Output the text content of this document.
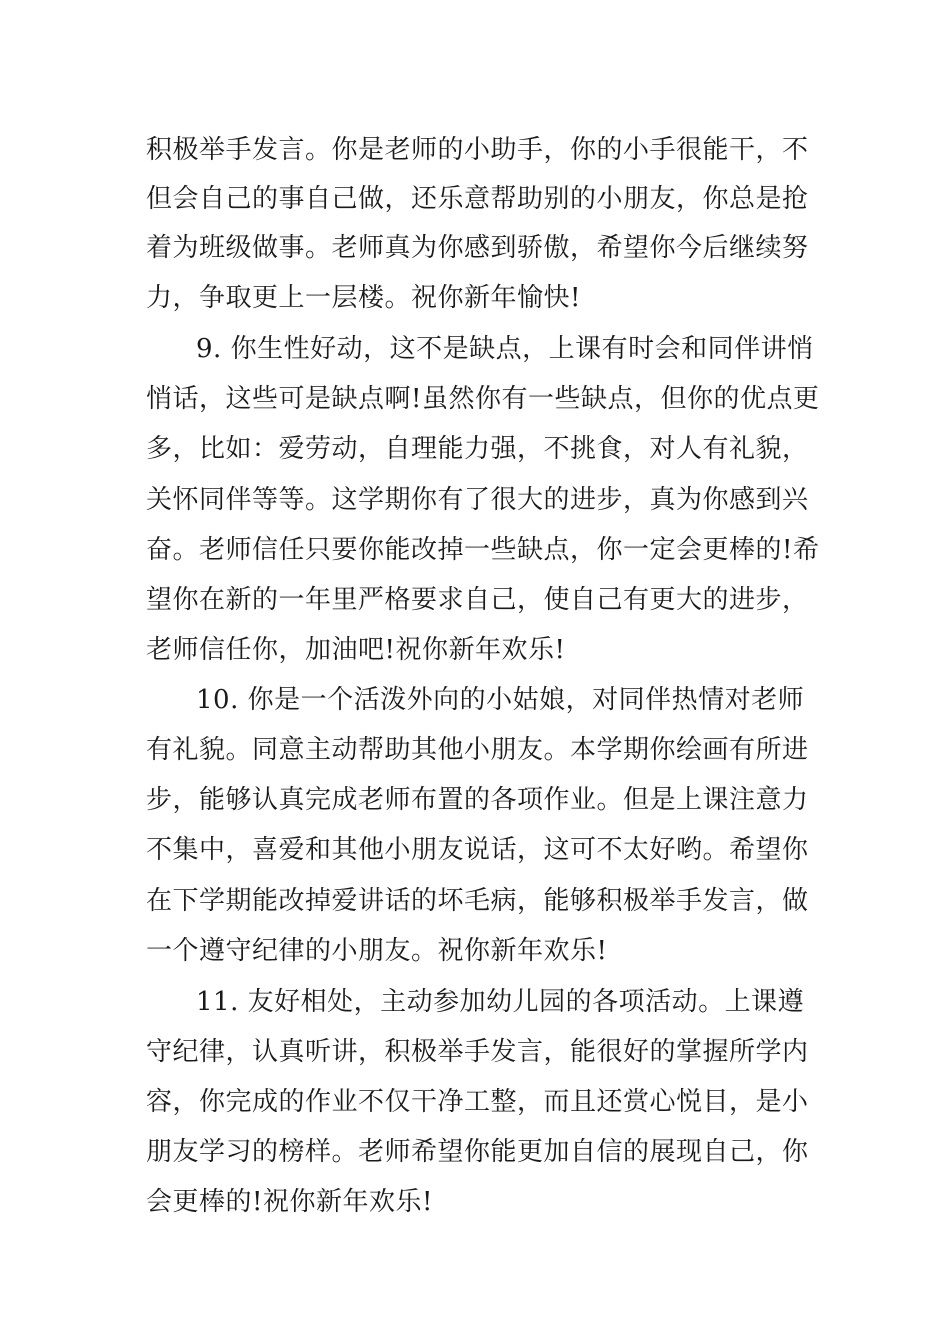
积极举手发言。你是老师的小助手，你的小手很能干，不
但会自己的事自己做，还乐意帮助别的小朋友，你总是抢
着为班级做事。老师真为你感到骄傲，希望你今后继续努
力，争取更上一层楼。祝你新年愉快!
9. 你生性好动，这不是缺点，上课有时会和同伴讲悄
悄话，这些可是缺点啊!虽然你有一些缺点，但你的优点更
多，比如：爱劳动，自理能力强，不挑食，对人有礼貌，
关怀同伴等等。这学期你有了很大的进步，真为你感到兴
奋。老师信任只要你能改掉一些缺点，你一定会更棒的!希
望你在新的一年里严格要求自己，使自己有更大的进步，
老师信任你，加油吧!祝你新年欢乐!
10. 你是一个活泼外向的小姑娘，对同伴热情对老师
有礼貌。同意主动帮助其他小朋友。本学期你绘画有所进
步，能够认真完成老师布置的各项作业。但是上课注意力
不集中，喜爱和其他小朋友说话，这可不太好哟。希望你
在下学期能改掉爱讲话的坏毛病，能够积极举手发言，做
一个遵守纪律的小朋友。祝你新年欢乐!
11. 友好相处，主动参加幼儿园的各项活动。上课遵
守纪律，认真听讲，积极举手发言，能很好的掌握所学内
容，你完成的作业不仅干净工整，而且还赏心悦目，是小
朋友学习的榜样。老师希望你能更加自信的展现自己，你
会更棒的!祝你新年欢乐!
